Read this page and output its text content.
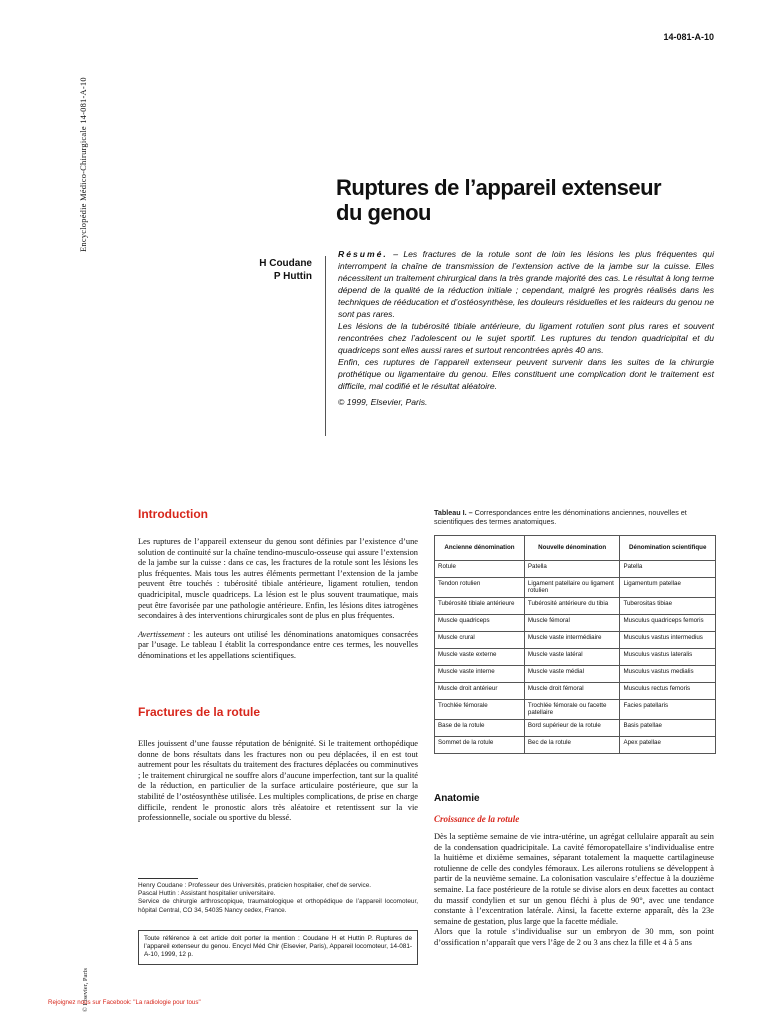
14-081-A-10
Encyclopédie Médico-Chirurgicale 14-081-A-10
© Elsevier, Paris
Ruptures de l’appareil extenseur
du genou
H Coudane
P Huttin

Résumé. – Les fractures de la rotule sont de loin les lésions les plus fréquentes qui interrompent la chaîne de transmission de l’extension active de la jambe sur la cuisse. Elles nécessitent un traitement chirurgical dans la très grande majorité des cas. Le résultat à long terme dépend de la qualité de la réduction initiale ; cependant, malgré les progrès réalisés dans les techniques de rééducation et d’ostéosynthèse, les douleurs résiduelles et les raideurs du genou ne sont pas rares.

Les lésions de la tubérosité tibiale antérieure, du ligament rotulien sont plus rares et souvent rencontrées chez l’adolescent ou le sujet sportif. Les ruptures du tendon quadricipital et du quadriceps sont elles aussi rares et surtout rencontrées après 40 ans.

Enfin, ces ruptures de l’appareil extenseur peuvent survenir dans les suites de la chirurgie prothétique ou ligamentaire du genou. Elles constituent une complication dont le traitement est difficile, mal codifié et le résultat aléatoire.

© 1999, Elsevier, Paris.

Introduction

Les ruptures de l’appareil extenseur du genou sont définies par l’existence d’une solution de continuité sur la chaîne tendino-musculo-osseuse qui assure l’extension de la jambe sur la cuisse : dans ce cas, les fractures de la rotule sont les lésions les plus fréquentes. Mais tous les autres éléments permettant l’extension de la jambe peuvent être touchés : tubérosité tibiale antérieure, ligament rotulien, tendon quadricipital, muscle quadriceps. La lésion est le plus souvent traumatique, mais peut être favorisée par une pathologie antérieure. Enfin, les lésions dites iatrogènes secondaires à des interventions chirurgicales sont de plus en plus fréquentes.

Avertissement : les auteurs ont utilisé les dénominations anatomiques consacrées par l’usage. Le tableau I établit la correspondance entre ces termes, les nouvelles dénominations et les appellations scientifiques.

Fractures de la rotule

Elles jouissent d’une fausse réputation de bénignité. Si le traitement orthopédique donne de bons résultats dans les fractures non ou peu déplacées, il en est tout autrement pour les résultats du traitement des fractures déplacées ou comminutives ; le traitement chirurgical ne souffre alors d’aucune imperfection, tant sur la qualité de la réduction, en particulier de la surface articulaire postérieure, que sur la stabilité de l’ostéosynthèse utilisée. Les multiples complications, de prise en charge difficile, rendent le pronostic alors très aléatoire et retentissent sur la vie professionnelle, sociale ou sportive du blessé.

Henry Coudane : Professeur des Universités, praticien hospitalier, chef de service.

Pascal Huttin : Assistant hospitalier universitaire.

Service de chirurgie arthroscopique, traumatologique et orthopédique de l’appareil locomoteur, hôpital Central, CO 34, 54035 Nancy cedex, France.

Toute référence à cet article doit porter la mention : Coudane H et Huttin P. Ruptures de l’appareil extenseur du genou. Encycl Méd Chir (Elsevier, Paris), Appareil locomoteur, 14-081-A-10, 1999, 12 p.
Rejoignez nous sur Facebook: "La radiologie pour tous"
Tableau I. – Correspondances entre les dénominations anciennes, nouvelles et scientifiques des termes anatomiques.
Ancienne dénomination	Nouvelle dénomination	Dénomination scientifique
Rotule	Patella	Patella
Tendon rotulien	Ligament patellaire ou ligament rotulien	Ligamentum patellae
Tubérosité tibiale antérieure	Tubérosité antérieure du tibia	Tuberositas tibiae
Muscle quadriceps	Muscle fémoral	Musculus quadriceps femoris
Muscle crural	Muscle vaste intermédiaire	Musculus vastus intermedius
Muscle vaste externe	Muscle vaste latéral	Musculus vastus lateralis
Muscle vaste interne	Muscle vaste médial	Musculus vastus medialis
Muscle droit antérieur	Muscle droit fémoral	Musculus rectus femoris
Trochlée fémorale	Trochlée fémorale ou facette patellaire	Facies patellaris
Base de la rotule	Bord supérieur de la rotule	Basis patellae
Sommet de la rotule	Bec de la rotule	Apex patellae
Anatomie
Croissance de la rotule

Dès la septième semaine de vie intra-utérine, un agrégat cellulaire apparaît au sein de la condensation quadricipitale. La cavité fémoropatellaire s’individualise entre la huitième et dixième semaines, séparant totalement la maquette cartilagineuse rotulienne de celle des condyles fémoraux. Les ailerons rotuliens se développent à partir de la neuvième semaine. La colonisation vasculaire s’effectue à la douzième semaine. La face postérieure de la rotule se divise alors en deux facettes au contact du massif condylien et sur un genou fléchi à plus de 90°, avec une tendance constante à l’excentration latérale. Ainsi, la facette externe apparaît, dès la 23e semaine de gestation, plus large que la facette médiale.

Alors que la rotule s’individualise sur un embryon de 30 mm, son point d’ossification n’apparaît que vers l’âge de 2 ou 3 ans chez la fille et 4 à 5 ans
